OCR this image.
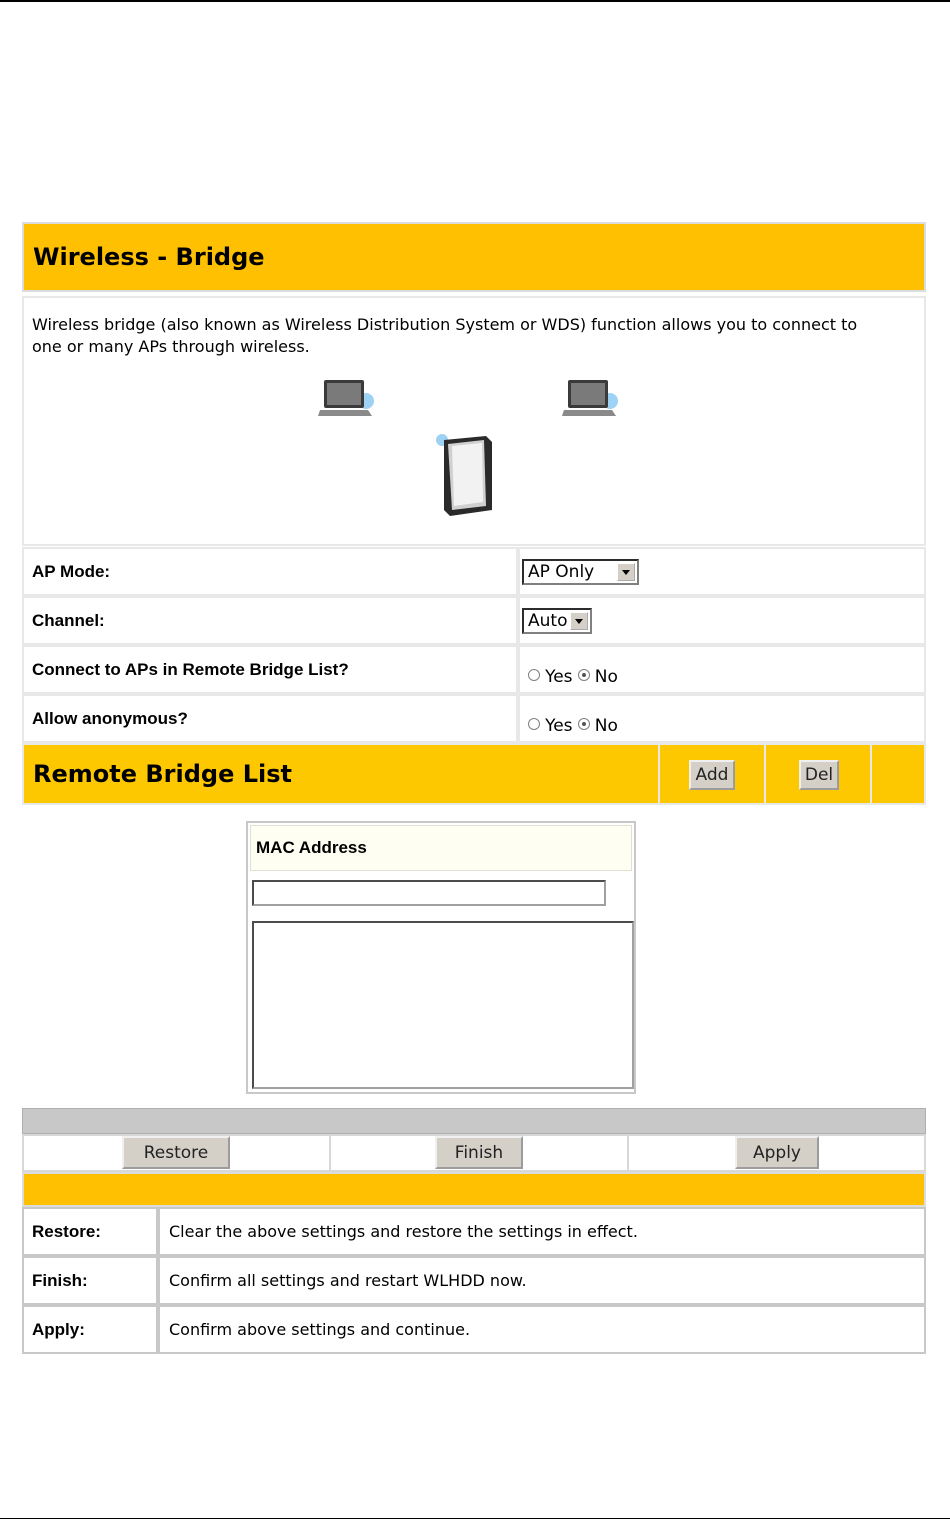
Wireless - Bridge
Wireless bridge (also known as Wireless Distribution System or WDS) function allows you to connect to one or many APs through wireless.
AP Mode:	AP Only
Channel:	Auto
Connect to APs in Remote Bridge List?	Yes No
Allow anonymous?	Yes No
Remote Bridge List	Add	Del
MAC Address
Restore	Finish	Apply
Restore:	Clear the above settings and restore the settings in effect.
Finish:	Confirm all settings and restart WLHDD now.
Apply:	Confirm above settings and continue.
